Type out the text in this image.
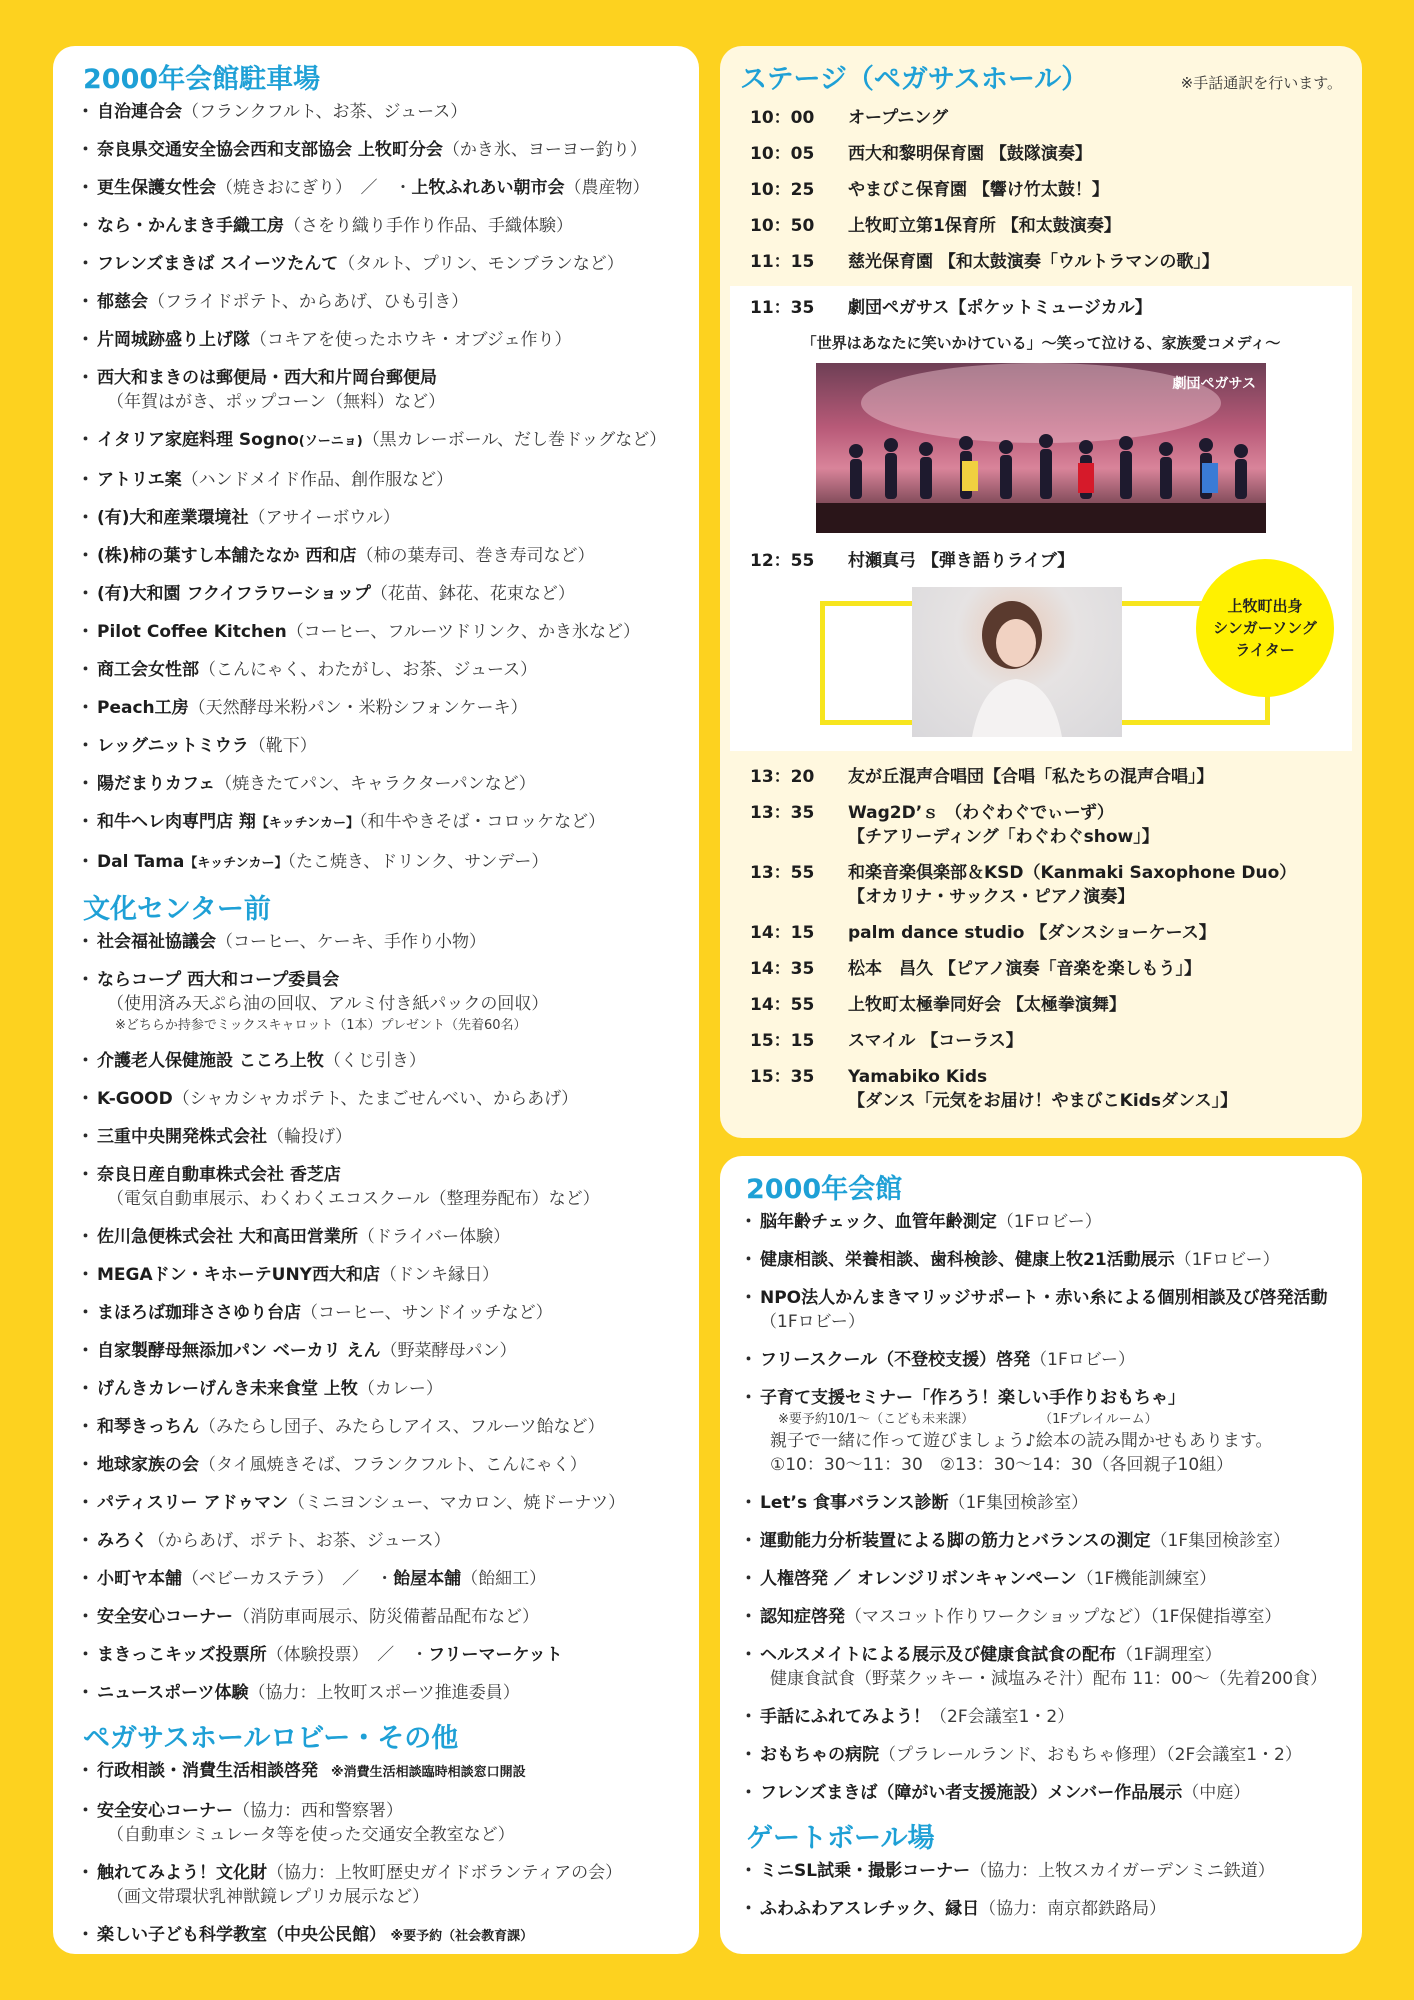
2000年会館駐車場
・ 自治連合会（フランクフルト、お茶、ジュース）
・ 奈良県交通安全協会西和支部協会 上牧町分会（かき氷、ヨーヨー釣り）
・ 更生保護女性会（焼きおにぎり）　／　・上牧ふれあい朝市会（農産物）
・ なら・かんまき手織工房（さをり織り手作り作品、手織体験）
・ フレンズまきば スイーツたんて（タルト、プリン、モンブランなど）
・ 郁慈会（フライドポテト、からあげ、ひも引き）
・ 片岡城跡盛り上げ隊（コキアを使ったホウキ・オブジェ作り）
・ 西大和まきのは郵便局・西大和片岡台郵便局
（年賀はがき、ポップコーン（無料）など）
・ イタリア家庭料理 Sogno(ソーニョ)（黒カレーボール、だし巻ドッグなど）
・ アトリエ案（ハンドメイド作品、創作服など）
・ (有)大和産業環境社（アサイーボウル）
・ (株)柿の葉すし本舗たなか 西和店（柿の葉寿司、巻き寿司など）
・ (有)大和園 フクイフラワーショップ（花苗、鉢花、花束など）
・ Pilot Coffee Kitchen（コーヒー、フルーツドリンク、かき氷など）
・ 商工会女性部（こんにゃく、わたがし、お茶、ジュース）
・ Peach工房（天然酵母米粉パン・米粉シフォンケーキ）
・ レッグニットミウラ（靴下）
・ 陽だまりカフェ（焼きたてパン、キャラクターパンなど）
・ 和牛ヘレ肉専門店 翔【キッチンカー】（和牛やきそば・コロッケなど）
・ Dal Tama【キッチンカー】（たこ焼き、ドリンク、サンデー）
文化センター前
・ 社会福祉協議会（コーヒー、ケーキ、手作り小物）
・ ならコープ 西大和コープ委員会
（使用済み天ぷら油の回収、アルミ付き紙パックの回収）
※どちらか持参でミックスキャロット（1本）プレゼント（先着60名）
・ 介護老人保健施設 こころ上牧（くじ引き）
・ K-GOOD（シャカシャカポテト、たまごせんべい、からあげ）
・ 三重中央開発株式会社（輪投げ）
・ 奈良日産自動車株式会社 香芝店
（電気自動車展示、わくわくエコスクール（整理券配布）など）
・ 佐川急便株式会社 大和高田営業所（ドライバー体験）
・ MEGAドン・キホーテUNY西大和店（ドンキ縁日）
・ まほろば珈琲ささゆり台店（コーヒー、サンドイッチなど）
・ 自家製酵母無添加パン ベーカリ えん（野菜酵母パン）
・ げんきカレーげんき未来食堂 上牧（カレー）
・ 和琴きっちん（みたらし団子、みたらしアイス、フルーツ飴など）
・ 地球家族の会（タイ風焼きそば、フランクフルト、こんにゃく）
・ パティスリー アドゥマン（ミニヨンシュー、マカロン、焼ドーナツ）
・ みろく（からあげ、ポテト、お茶、ジュース）
・ 小町ヤ本舗（ベビーカステラ）　／　・飴屋本舗（飴細工）
・ 安全安心コーナー（消防車両展示、防災備蓄品配布など）
・ まきっこキッズ投票所（体験投票）　／　・フリーマーケット
・ ニュースポーツ体験（協力：上牧町スポーツ推進委員）
ペガサスホールロビー・その他
・ 行政相談・消費生活相談啓発　※消費生活相談臨時相談窓口開設
・ 安全安心コーナー（協力：西和警察署）
（自動車シミュレータ等を使った交通安全教室など）
・ 触れてみよう！文化財（協力：上牧町歴史ガイドボランティアの会）
（画文帯環状乳神獣鏡レプリカ展示など）
・ 楽しい子ども科学教室（中央公民館）　※要予約（社会教育課）
ステージ（ペガサスホール）	※手話通訳を行います。
10：00	オープニング
10：05	西大和黎明保育園 【鼓隊演奏】
10：25	やまびこ保育園 【響け竹太鼓！】
10：50	上牧町立第1保育所 【和太鼓演奏】
11：15	慈光保育園 【和太鼓演奏「ウルトラマンの歌」】
11：35	劇団ペガサス【ポケットミュージカル】
「世界はあなたに笑いかけている」～笑って泣ける、家族愛コメディ～
劇団ペガサス
12：55	村瀬真弓 【弾き語りライブ】
上牧町出身
シンガーソングライター
13：20	友が丘混声合唱団【合唱「私たちの混声合唱」】
13：35	Wag2D’ｓ （わぐわぐでぃーず）
【チアリーディング「わぐわぐshow」】
13：55	和楽音楽倶楽部＆KSD（Kanmaki Saxophone Duo）
【オカリナ・サックス・ピアノ演奏】
14：15	palm dance studio 【ダンスショーケース】
14：35	松本　昌久 【ピアノ演奏「音楽を楽しもう」】
14：55	上牧町太極拳同好会 【太極拳演舞】
15：15	スマイル 【コーラス】
15：35	Yamabiko Kids
【ダンス「元気をお届け！やまびこKidsダンス」】
2000年会館
・ 脳年齢チェック、血管年齢測定（1Fロビー）
・ 健康相談、栄養相談、歯科検診、健康上牧21活動展示（1Fロビー）
・ NPO法人かんまきマリッジサポート・赤い糸による個別相談及び啓発活動（1Fロビー）
・ フリースクール（不登校支援）啓発（1Fロビー）
・ 子育て支援セミナー「作ろう！楽しい手作りおもちゃ」
※要予約10/1～（こども未来課）　　　　　　（1Fプレイルーム）
親子で一緒に作って遊びましょう♪絵本の読み聞かせもあります。
①10：30～11：30　②13：30～14：30（各回親子10組）
・ Let’s 食事バランス診断（1F集団検診室）
・ 運動能力分析装置による脚の筋力とバランスの測定（1F集団検診室）
・ 人権啓発 ／ オレンジリボンキャンペーン（1F機能訓練室）
・ 認知症啓発（マスコット作りワークショップなど）（1F保健指導室）
・ ヘルスメイトによる展示及び健康食試食の配布（1F調理室）
健康食試食（野菜クッキー・減塩みそ汁）配布 11：00～（先着200食）
・ 手話にふれてみよう！（2F会議室1・2）
・ おもちゃの病院（プラレールランド、おもちゃ修理）（2F会議室1・2）
・ フレンズまきば（障がい者支援施設）メンバー作品展示（中庭）
ゲートボール場
・ ミニSL試乗・撮影コーナー（協力：上牧スカイガーデンミニ鉄道）
・ ふわふわアスレチック、縁日（協力：南京都鉄路局）
